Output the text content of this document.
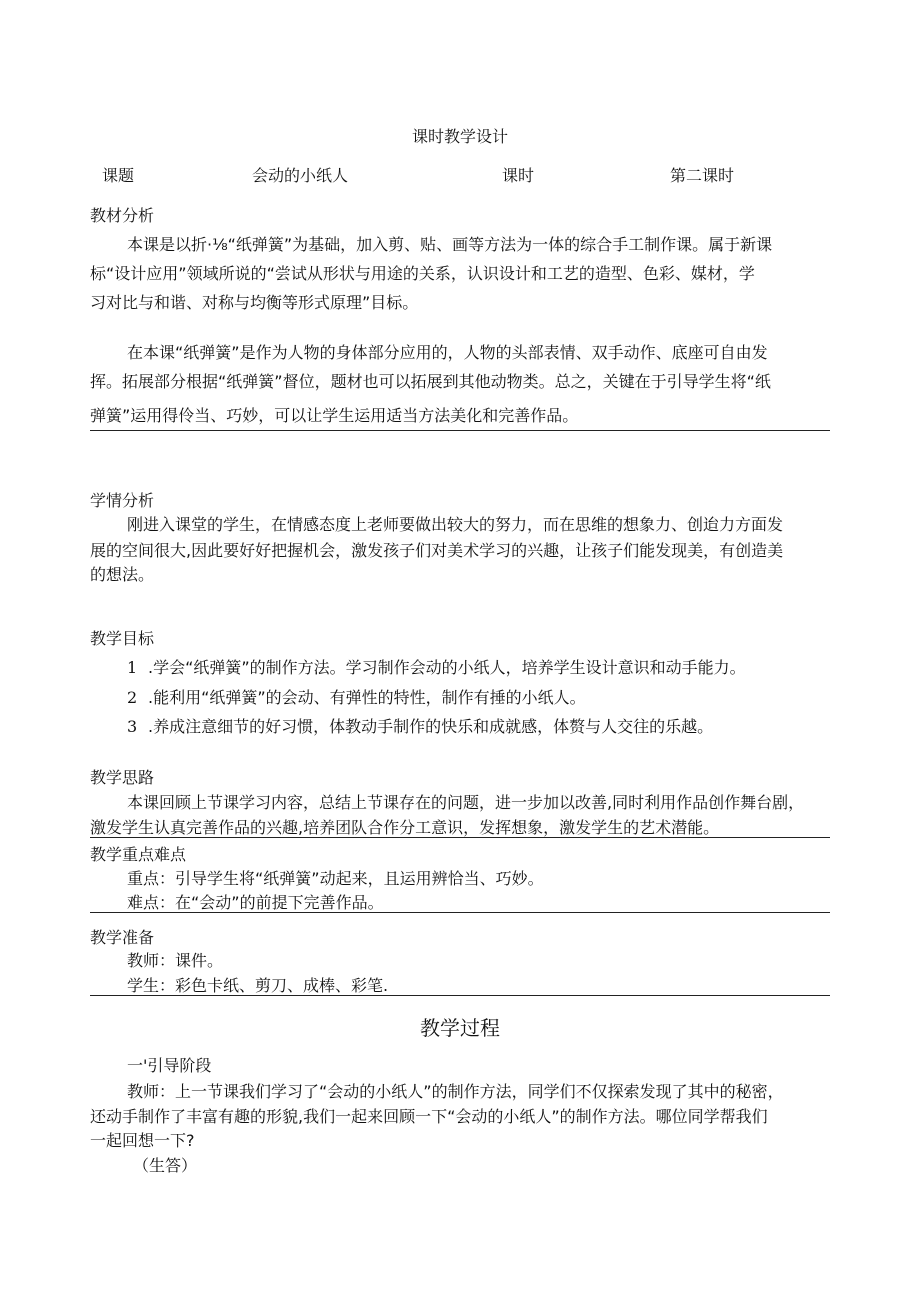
课时教学设计
课题	会动的小纸人	课时	第二课时
教材分析
本课是以折·⅛“纸弹簧”为基础，加入剪、贴、画等方法为一体的综合手工制作课。属于新课
标“设计应用”领域所说的“尝试从形状与用途的关系，认识设计和工艺的造型、色彩、媒材，学
习对比与和谐、对称与均衡等形式原理”目标。
在本课“纸弹簧”是作为人物的身体部分应用的，人物的头部表情、双手动作、底座可自由发
挥。拓展部分根据“纸弹簧”督位，题材也可以拓展到其他动物类。总之，关键在于引导学生将“纸
弹簧”运用得伶当、巧妙，可以让学生运用适当方法美化和完善作品。
学情分析
刚进入课堂的学生，在情感态度上老师要做出较大的努力，而在思维的想象力、创迨力方面发
展的空间很大,因此要好好把握机会，激发孩子们对美术学习的兴趣，让孩子们能发现美，有创造美
的想法。
教学目标
1 .学会“纸弹簧”的制作方法。学习制作会动的小纸人，培养学生设计意识和动手能力。
2 .能利用“纸弹簧”的会动、有弹性的特性，制作有捶的小纸人。
3 .养成注意细节的好习惯，体教动手制作的快乐和成就感，体赘与人交往的乐越。
教学思路
本课回顾上节课学习内容，总结上节课存在的问题，进一步加以改善,同时利用作品创作舞台剧，
激发学生认真完善作品的兴趣,培养团队合作分工意识，发挥想象，激发学生的艺术潜能。
教学重点难点
重点：引导学生将“纸弹簧”动起来，且运用辨恰当、巧妙。
难点：在“会动”的前提下完善作品。
教学准备
教师：课件。
学生：彩色卡纸、剪刀、成棒、彩笔.
教学过程
一'引导阶段
教师：上一节课我们学习了“会动的小纸人”的制作方法，同学们不仅探索发现了其中的秘密，
还动手制作了丰富有趣的形貌,我们一起来回顾一下“会动的小纸人”的制作方法。哪位同学帮我们
一起回想一下?
（生答）
